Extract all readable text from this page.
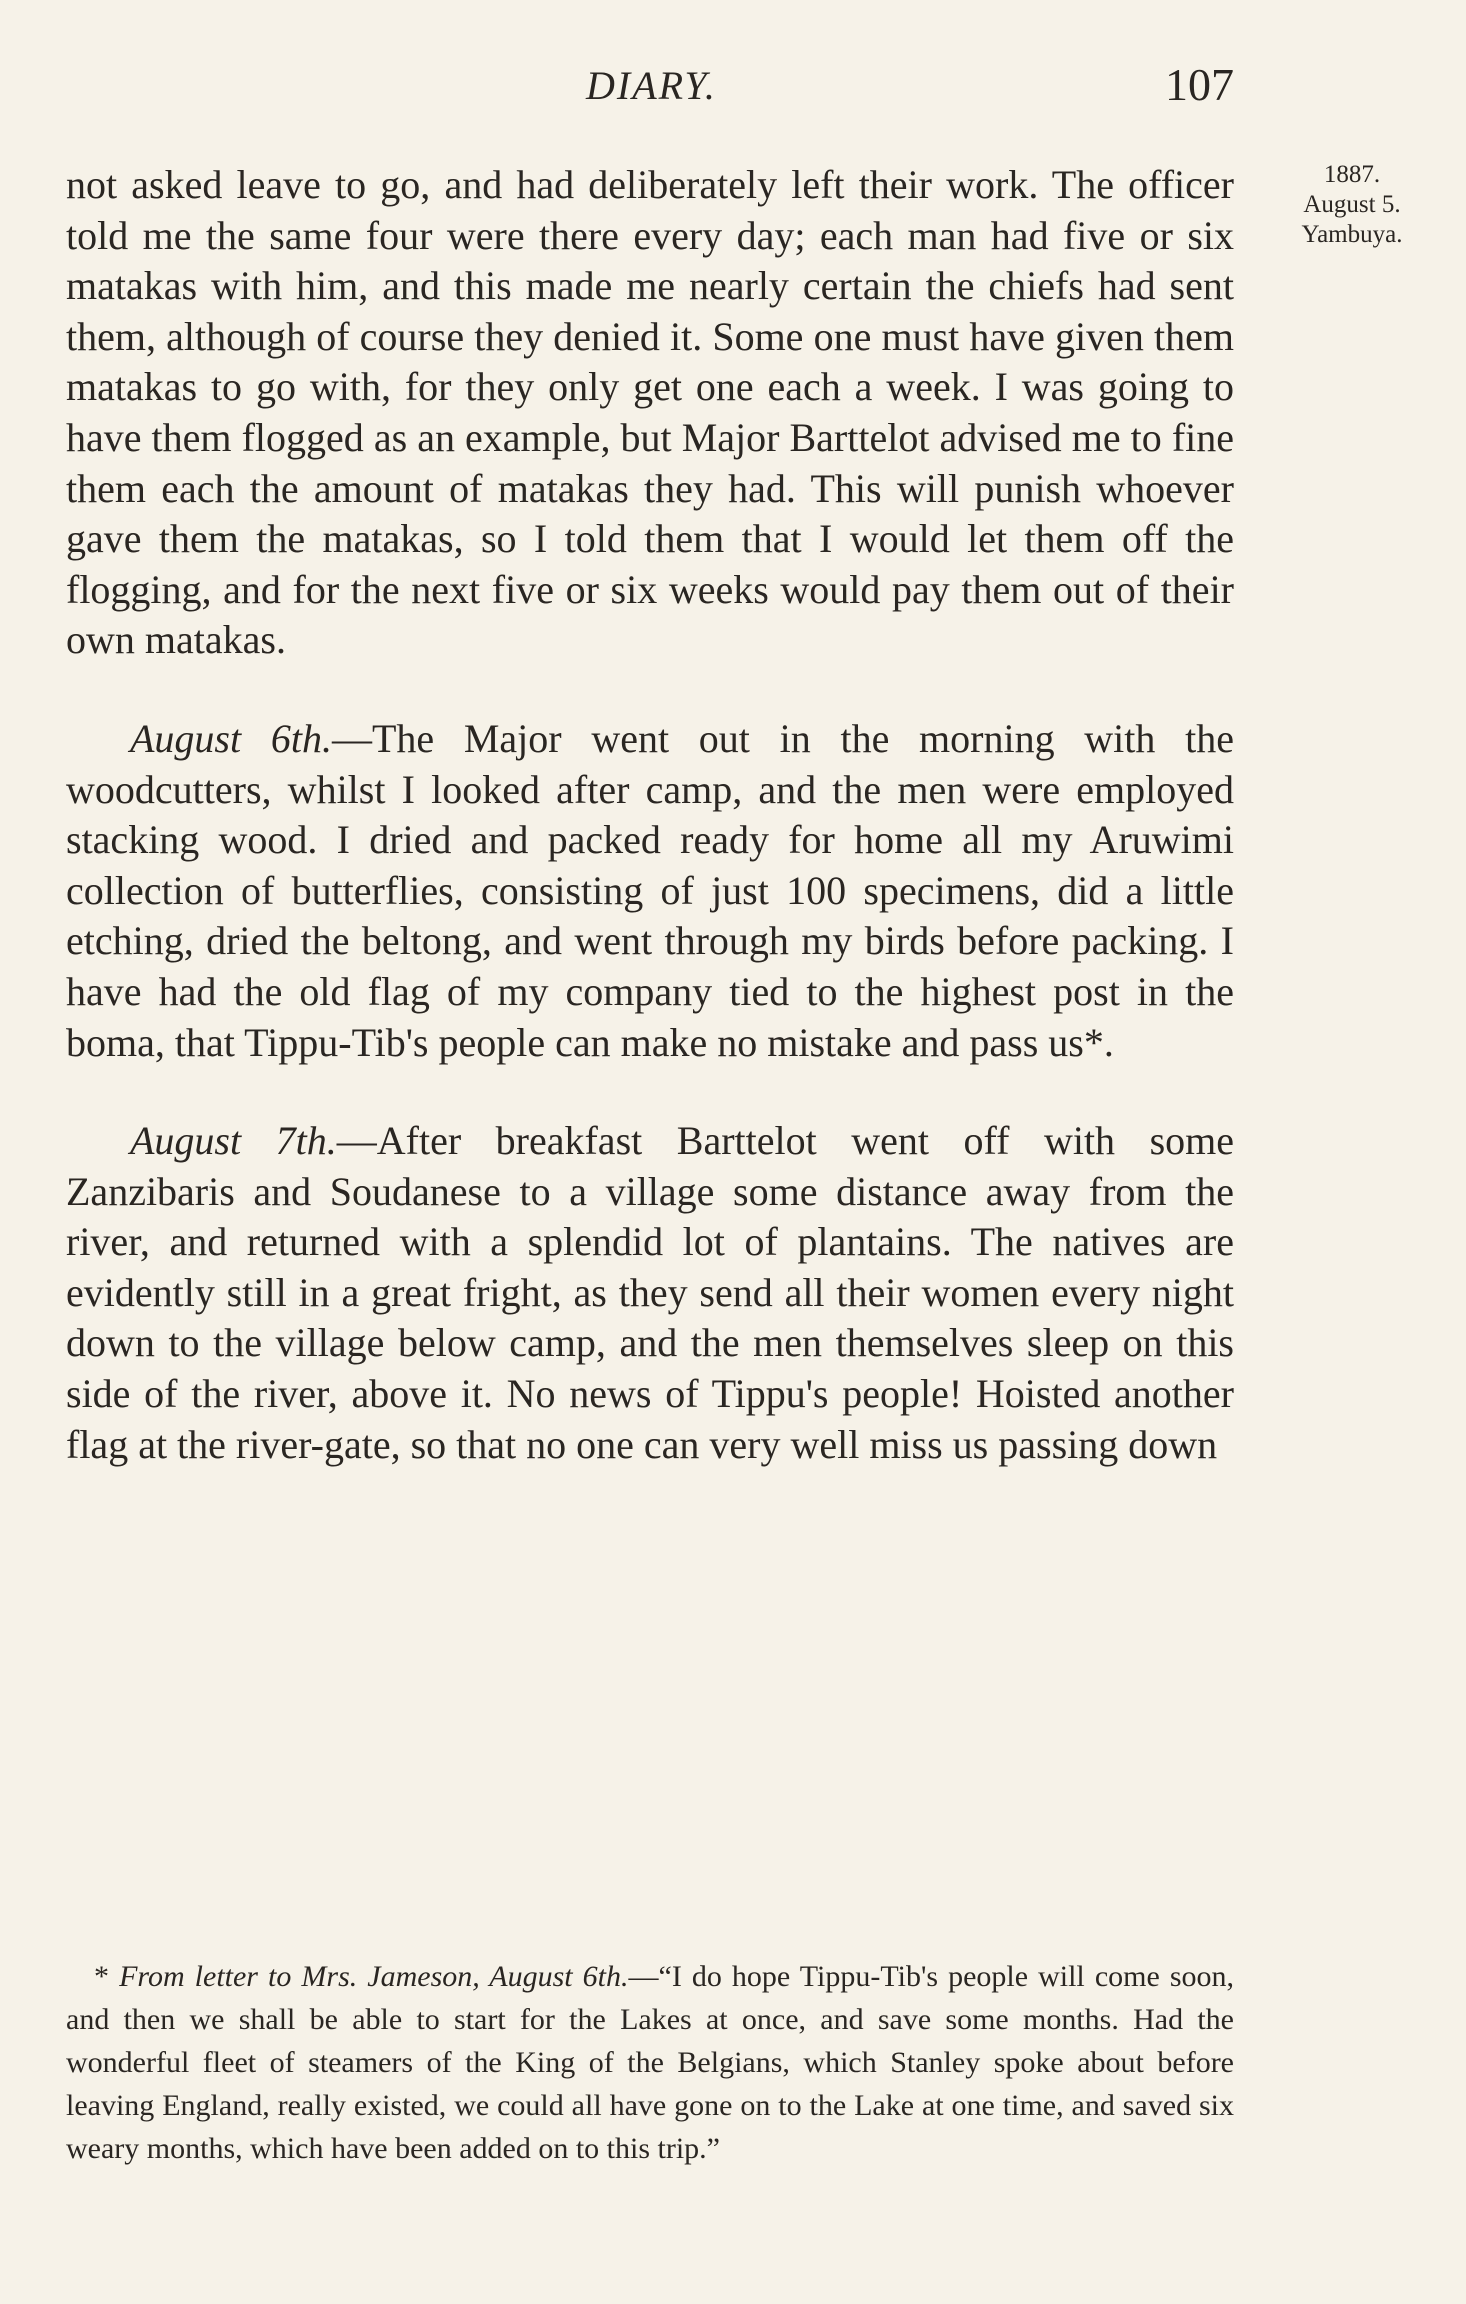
DIARY.	107
1887.
August 5.
Yambuya.

not asked leave to go, and had deliberately left their work. The officer told me the same four were there every day; each man had five or six matakas with him, and this made me nearly certain the chiefs had sent them, although of course they denied it. Some one must have given them matakas to go with, for they only get one each a week. I was going to have them flogged as an example, but Major Barttelot advised me to fine them each the amount of matakas they had. This will punish whoever gave them the matakas, so I told them that I would let them off the flogging, and for the next five or six weeks would pay them out of their own matakas.

August 6th.—The Major went out in the morning with the woodcutters, whilst I looked after camp, and the men were employed stacking wood. I dried and packed ready for home all my Aruwimi collection of butterflies, consisting of just 100 specimens, did a little etching, dried the beltong, and went through my birds before packing. I have had the old flag of my company tied to the highest post in the boma, that Tippu-Tib's people can make no mistake and pass us*.

August 7th.—After breakfast Barttelot went off with some Zanzibaris and Soudanese to a village some distance away from the river, and returned with a splendid lot of plantains. The natives are evidently still in a great fright, as they send all their women every night down to the village below camp, and the men themselves sleep on this side of the river, above it. No news of Tippu's people! Hoisted another flag at the river-gate, so that no one can very well miss us passing down

* From letter to Mrs. Jameson, August 6th.—“I do hope Tippu-Tib's people will come soon, and then we shall be able to start for the Lakes at once, and save some months. Had the wonderful fleet of steamers of the King of the Belgians, which Stanley spoke about before leaving England, really existed, we could all have gone on to the Lake at one time, and saved six weary months, which have been added on to this trip.”
